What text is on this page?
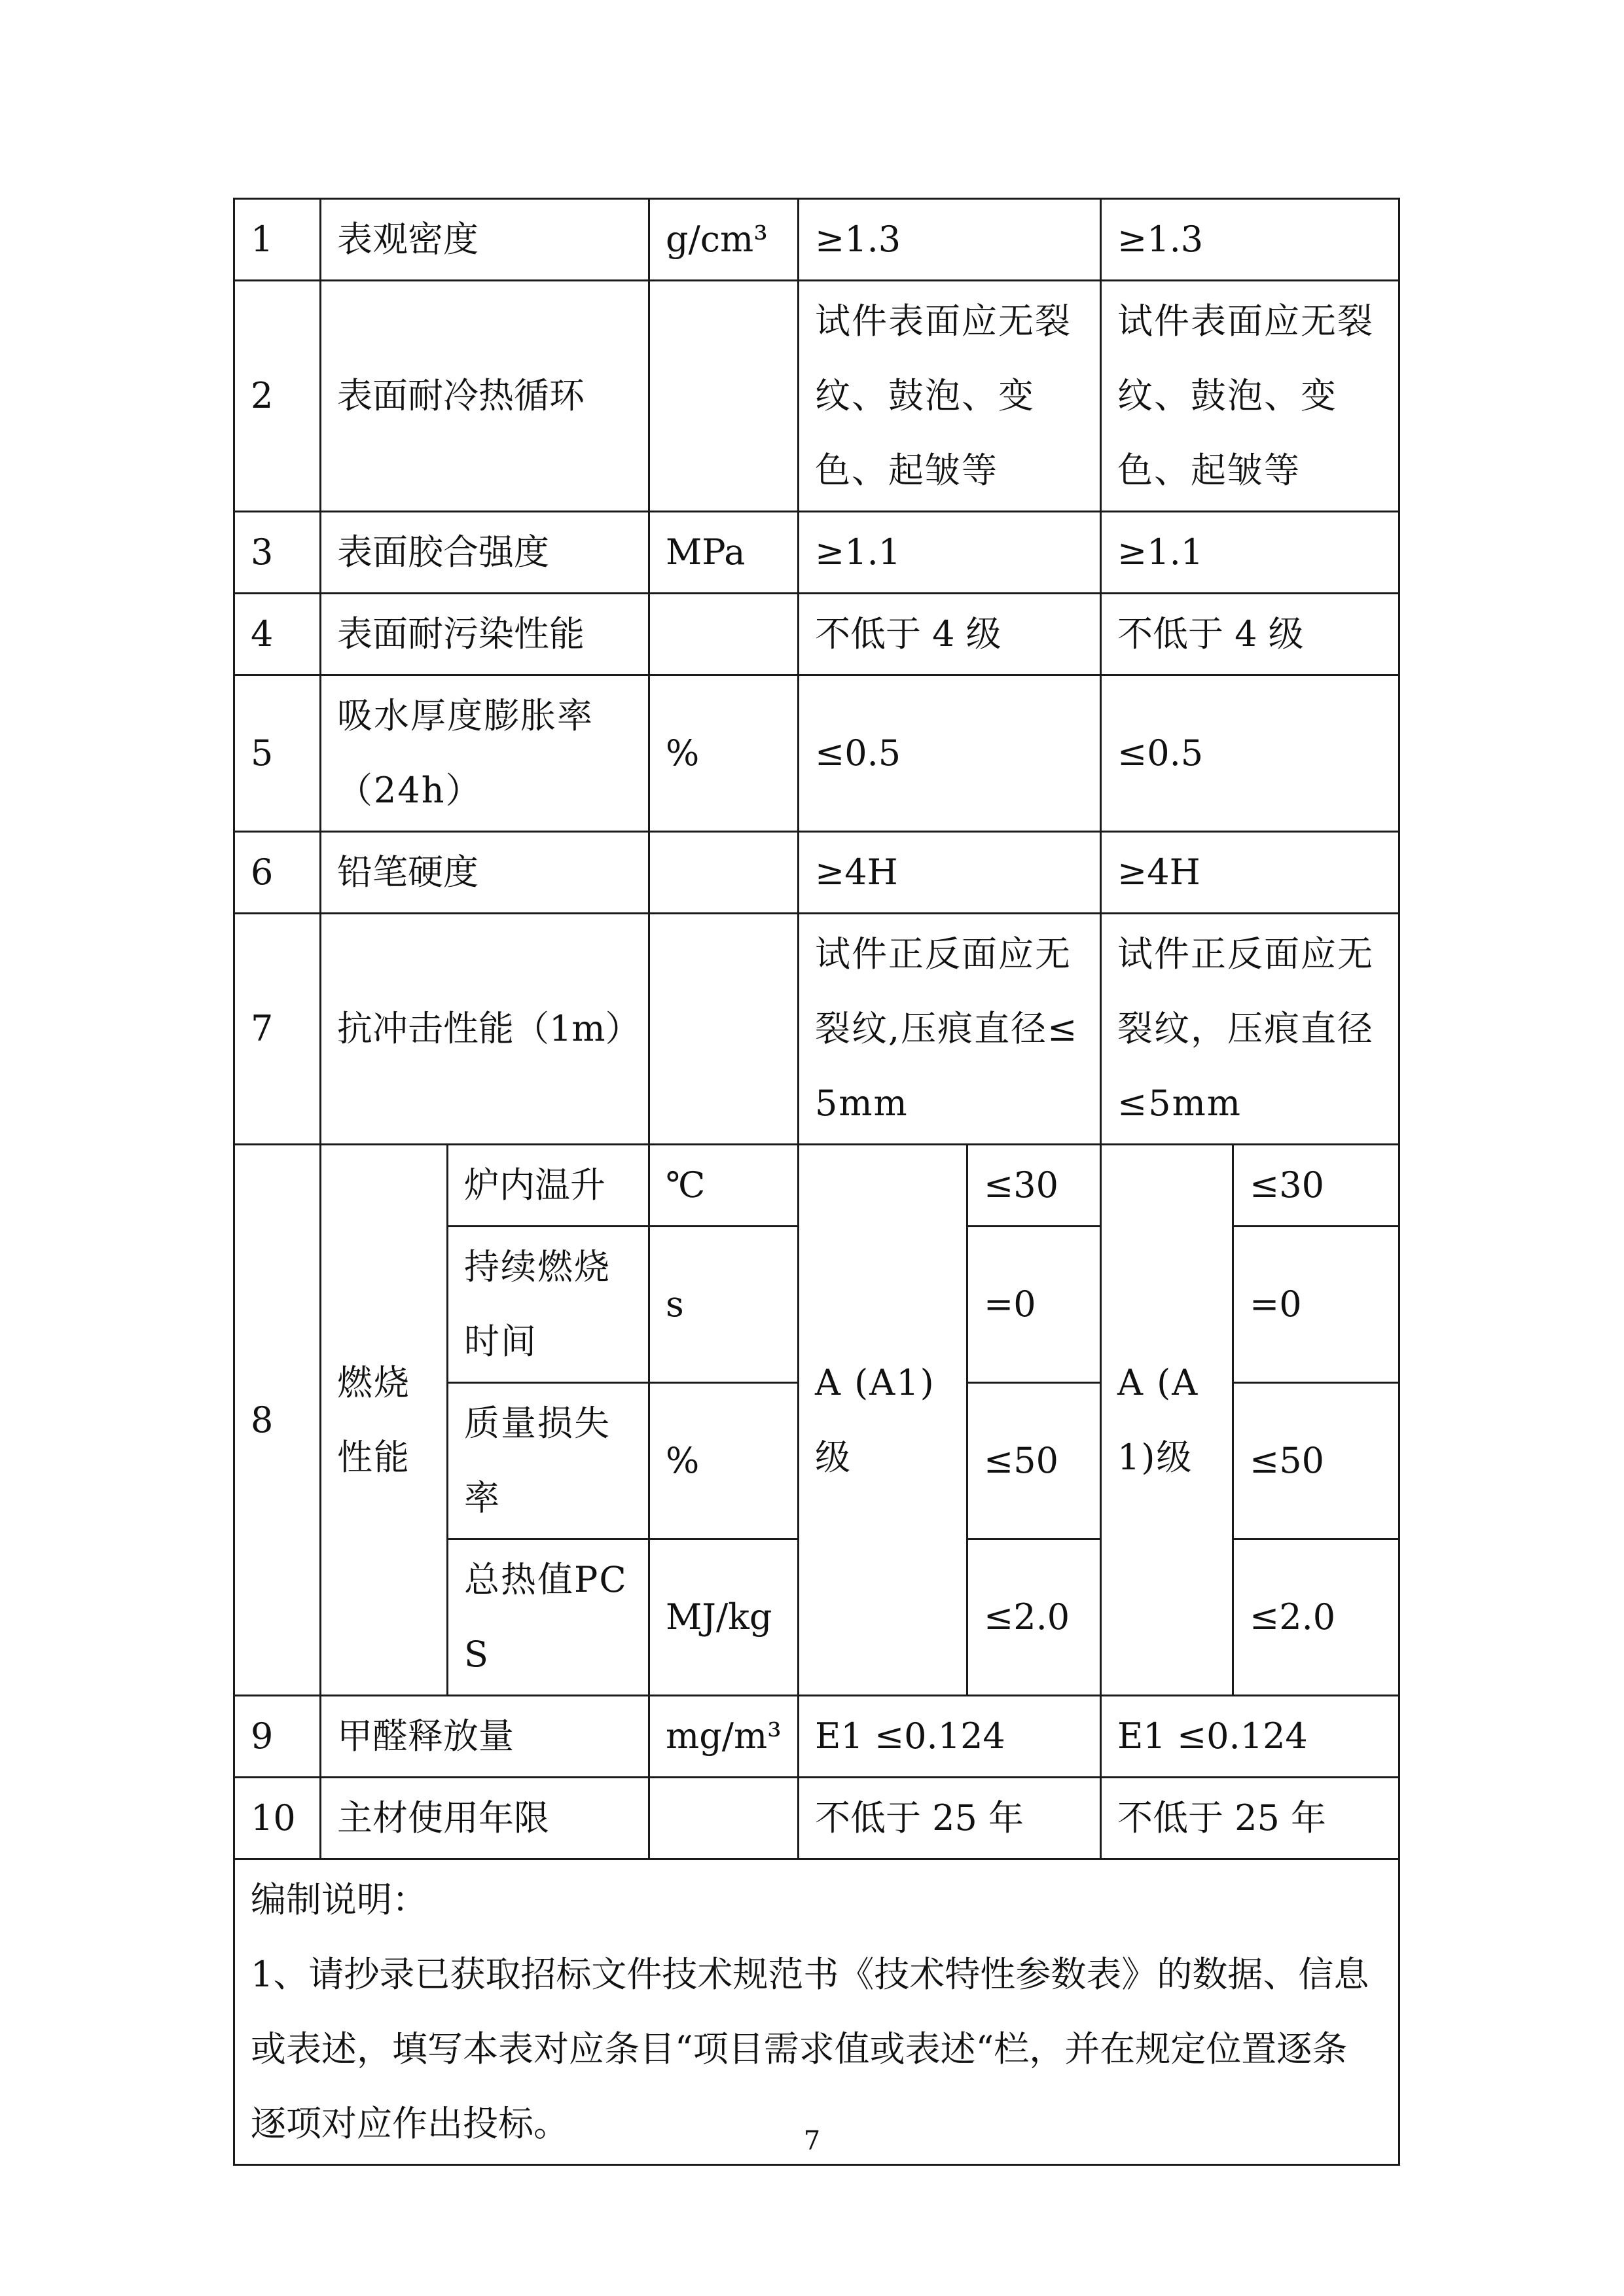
1	表观密度		g/cm³	≥1.3		≥1.3	
2	表面耐冷热循环			试件表面应无裂纹、鼓泡、变色、起皱等		试件表面应无裂纹、鼓泡、变色、起皱等	
3	表面胶合强度		MPa	≥1.1		≥1.1	
4	表面耐污染性能			不低于 4 级		不低于 4 级	
5	吸水厚度膨胀率（24h）		%	≤0.5		≤0.5	
6	铅笔硬度			≥4H		≥4H	
7	抗冲击性能（1m）			试件正反面应无裂纹,压痕直径≤5mm		试件正反面应无裂纹，压痕直径≤5mm	
8	燃烧性能	炉内温升	℃	A (A1)级	≤30	A (A1)级	≤30
		持续燃烧时间	s		=0		=0
		质量损失率	%		≤50		≤50
		总热值PCS	MJ/kg		≤2.0		≤2.0
9	甲醛释放量		mg/m³	E1 ≤0.124		E1 ≤0.124	
10	主材使用年限			不低于 25 年		不低于 25 年	

编制说明：
1、请抄录已获取招标文件技术规范书《技术特性参数表》的数据、信息或表述，填写本表对应条目“项目需求值或表述“栏，并在规定位置逐条逐项对应作出投标。								7
